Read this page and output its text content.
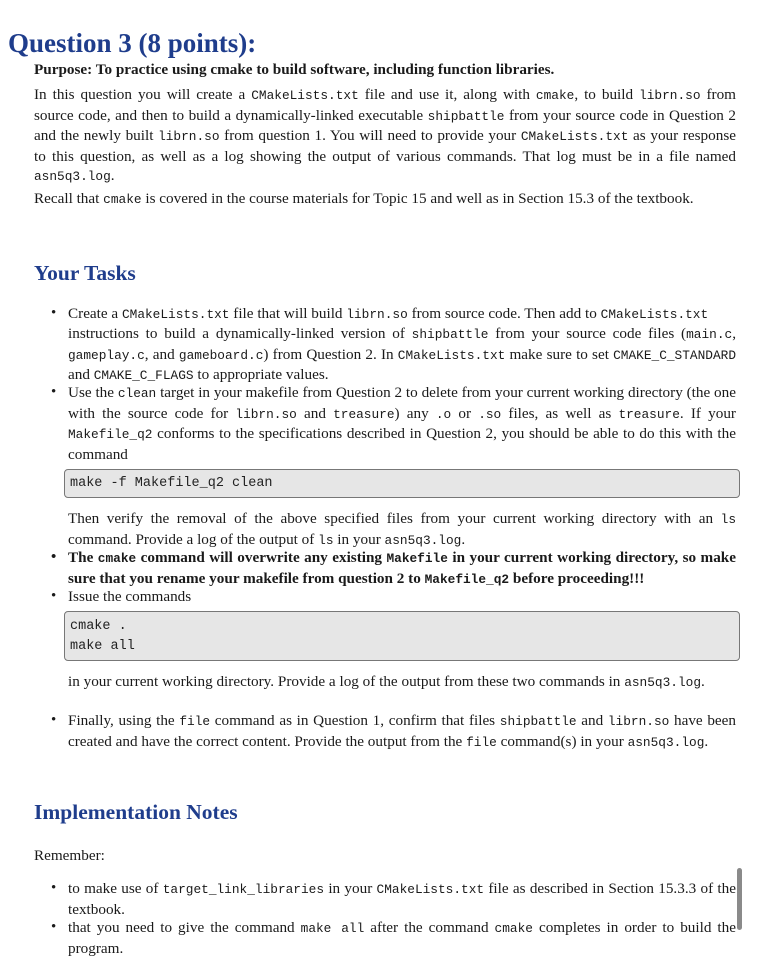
Question 3 (8 points):

Purpose: To practice using cmake to build software, including function libraries.

In this question you will create a CMakeLists.txt file and use it, along with cmake, to build librn.so from source code, and then to build a dynamically-linked executable shipbattle from your source code in Question 2 and the newly built librn.so from question 1. You will need to provide your CMakeLists.txt as your response to this question, as well as a log showing the output of various commands. That log must be in a file named asn5q3.log.

Recall that cmake is covered in the course materials for Topic 15 and well as in Section 15.3 of the textbook.

Your Tasks
• Create a CMakeLists.txt file that will build librn.so from source code. Then add to CMakeLists.txt

instructions to build a dynamically-linked version of shipbattle from your source code files (main.c, gameplay.c, and gameboard.c) from Question 2. In CMakeLists.txt make sure to set CMAKE_C_STANDARD and CMAKE_C_FLAGS to appropriate values.

• Use the clean target in your makefile from Question 2 to delete from your current working directory (the one with the source code for librn.so and treasure) any .o or .so files, as well as treasure. If your Makefile_q2 conforms to the specifications described in Question 2, you should be able to do this with the command
make -f Makefile_q2 clean

Then verify the removal of the above specified files from your current working directory with an ls command. Provide a log of the output of ls in your asn5q3.log.

• The cmake command will overwrite any existing Makefile in your current working directory, so make sure that you rename your makefile from question 2 to Makefile_q2 before proceeding!!!
• Issue the commands
cmake .
make all

in your current working directory. Provide a log of the output from these two commands in asn5q3.log.

• Finally, using the file command as in Question 1, confirm that files shipbattle and librn.so have been created and have the correct content. Provide the output from the file command(s) in your asn5q3.log.
Implementation Notes

Remember:

• to make use of target_link_libraries in your CMakeLists.txt file as described in Section 15.3.3 of the textbook.
• that you need to give the command make all after the command cmake completes in order to build the program.
